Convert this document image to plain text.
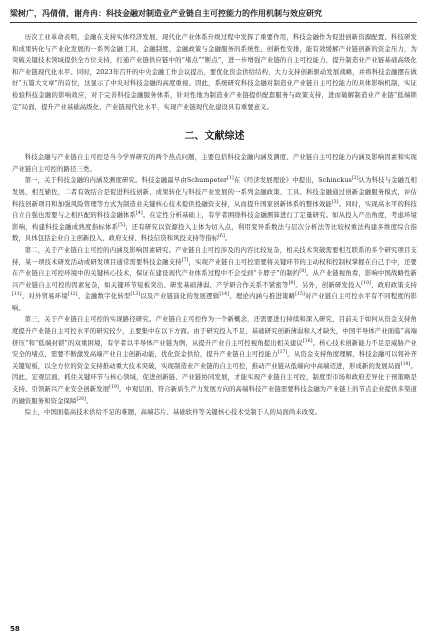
梁树广，冯倩倩，谢舟冉：科技金融对制造业产业链自主可控能力的作用机制与效应研究

历次工业革命表明，金融在支持实体经济发展、现代化产业体系升级过程中发挥了重要作用，科技金融作为促进创新资源配置、科技研发和成果转化与产业化发展的一系列金融工具、金融制度、金融政策与金融服务的系统性、创新性安排，能有效缓解产业链创新的资金压力，为突破关键技术领域提供全方位支持，打通产业链供应链中的“堵点”“断点”，进一步增强产业链的自主可控能力，提升制造业产业链基础高级化和产业链现代化水平。同时，2023年召开的中央金融工作会议提出，要优化资金供给结构，大力支持创新驱动发展战略，并将科技金融摆在做好“五篇大文章”的首位，这显示了中央对科技金融的高度重视。因此，系统研究科技金融对制造业产业链自主可控能力的具体影响机制，实证检验科技金融的影响效应，对于完善科技金融服务体系，针对性地为制造业产业链提供配套服务与政策支持，进而破解制造业产业链“低端锁定”局面，提升产业基础高级化、产业链现代化水平，实现产业链现代化建设具有重要意义。

二、文献综述

科技金融与产业链自主可控是当今学界研究的两个热点问题，主要包括科技金融内涵及测度、产业链自主可控能力内涵及影响因素和实现产业链自主可控的路径三类。

第一，关于科技金融的内涵及测度研究。科技金融最早由Schumpeter[1]在《经济发展理论》中提出，Schinckus[2]认为科技与金融互相发展，相互辅佐，二者有效结合是促进科技创新、成果转化与科技产业发展的一系列金融政策、工具。科技金融通过创新金融服务模式，评估科技创新项目和加强风险管理等方式为制造业关键核心技术提供投融资支持，从而提升国家创新体系的整体效能[3]。同时，实现高水平的科技自立自强也需要与之相匹配的科技金融体系[4]。在定性分析基础上，有学者围绕科技金融测算进行了定量研究。如从投入产出角度，考虑环境影响，构建科技金融成熟度指标体系[5]；还有研究以资源投入主体为切入点，利用变异系数法与层次分析法等比较权重法构建多维度综合指数，具体包括企业自主创新投入、政府支持、科技信贷和风投支持等指标[6]。

第二，关于产业链自主可控的内涵及影响因素研究。产业链自主可控涉及的内容比较复杂，相关技术突破需要相互联系的多个研究项目支持，某一项技术研发活动或研发项目通常需要科技金融支持[7]，实现产业链自主可控需要将关键环节的主动权和控制权掌握在自己手中，还要在产业链自主可控环境中的关键核心技术，保证在建设现代产业体系过程中不会受到“卡脖子”的制约[8]。从产业链视角看，影响中国战略性新兴产业链自主可控的因素复杂，如关键环节短板突出、研发基础薄弱、产学研合作关系不紧密等[9]。另外，创新研发投入[10]、政府政策支持[11]、对外贸易环境[12]、金融数字化转型[13]以及产业链演化的发展逻辑[14]、理论内涵与推进策略[15]对产业链自主可控水平有不同程度的影响。

第三，关于产业链自主可控的实现路径研究。产业链自主可控作为一个新概念，还需要进行持续和深入研究，目前关于如何从资金支持角度提升产业链自主可控水平的研究较少，主要集中在以下方面。由于研究投入不足、基础研究创新薄弱和人才缺失，中国半导体产业面临“高端挤压”和“低端封锁”的双重困境，有学者以半导体产业链为例，从提升产业自主可控视角提出相关建议[16]。核心技术创新能力不足是威胁产业安全的堵点，需要不断激发高端产业自主创新动能，优化资金供给，提升产业链自主可控能力[17]。从资金支持角度理解，科技金融可以将补齐关键短板，以全方位的资金支持推动重大技术突破，实现制造业产业链的自主可控，推动产业链从低端向中高端迈进，形成新的发展局面[18]。因此，宏观层面，抓住关键环节与核心领域，促进创新链、产业链协同发展，才能实现产业链自主可控，制度型市场和政府差异化干预策略是支持、引领新兴产业安全创新发展[19]。中观层面，符合新质生产力发展方向的高端科技产业链需要科技金融为产业链上的节点企业提供多渠道的融资服务和资金保障[20]。

综上，中国面临高技术供给不足的难题，高端芯片、基础软件等关键核心技术受制于人的局面尚未改变。

58
